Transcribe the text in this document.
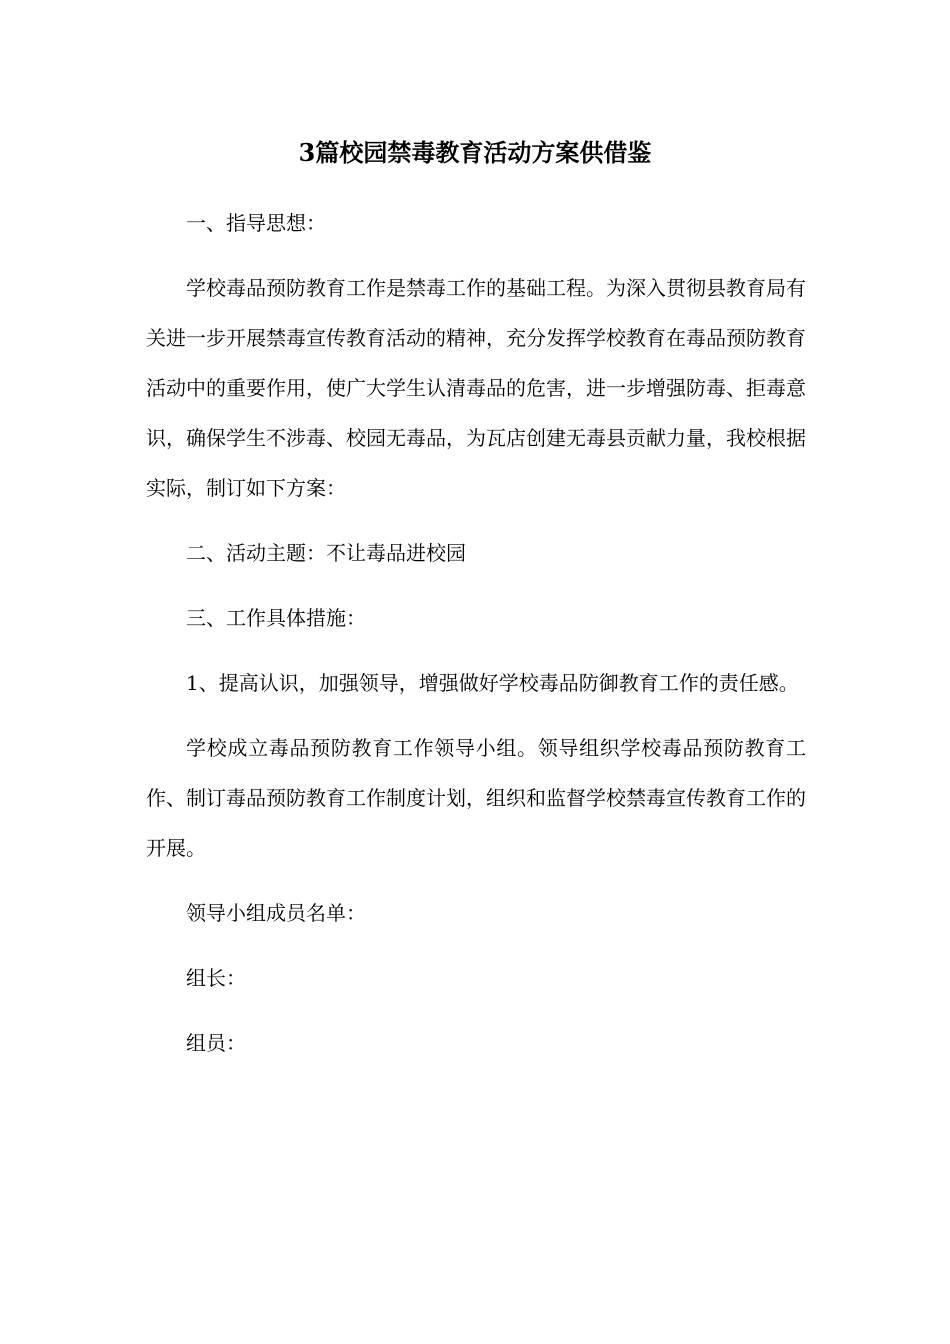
3篇校园禁毒教育活动方案供借鉴

一、指导思想：

学校毒品预防教育工作是禁毒工作的基础工程。为深入贯彻县教育局有关进一步开展禁毒宣传教育活动的精神，充分发挥学校教育在毒品预防教育活动中的重要作用，使广大学生认清毒品的危害，进一步增强防毒、拒毒意识，确保学生不涉毒、校园无毒品，为瓦店创建无毒县贡献力量，我校根据实际，制订如下方案：

二、活动主题：不让毒品进校园

三、工作具体措施：

1、提高认识，加强领导，增强做好学校毒品防御教育工作的责任感。

学校成立毒品预防教育工作领导小组。领导组织学校毒品预防教育工作、制订毒品预防教育工作制度计划，组织和监督学校禁毒宣传教育工作的开展。

领导小组成员名单：

组长：

组员：
